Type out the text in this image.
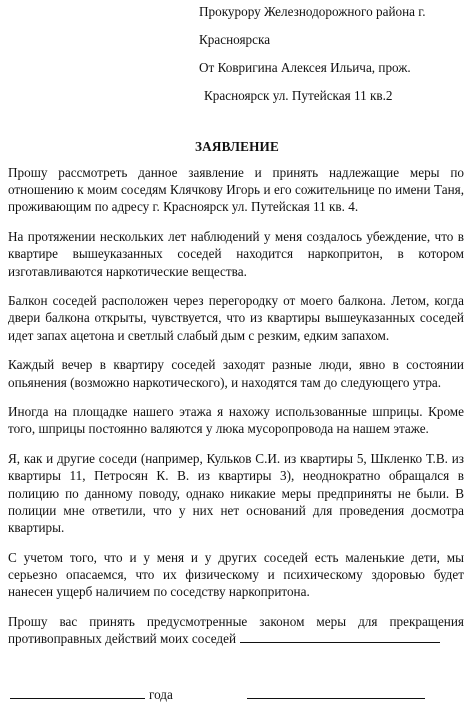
Прокурору Железнодорожного района г.
Красноярска
От Ковригина Алексея Ильича, прож.
Красноярск ул. Путейская 11 кв.2
ЗАЯВЛЕНИЕ

Прошу рассмотреть данное заявление и принять надлежащие меры по отношению к моим соседям Клячкову Игорь и его сожительнице по имени Таня, проживающим по адресу г. Красноярск ул. Путейская 11 кв. 4.

На протяжении нескольких лет наблюдений у меня создалось убеждение, что в квартире вышеуказанных соседей находится наркопритон, в котором изготавливаются наркотические вещества.

Балкон соседей расположен через перегородку от моего балкона. Летом, когда двери балкона открыты, чувствуется, что из квартиры вышеуказанных соседей идет запах ацетона и светлый слабый дым с резким, едким запахом.

Каждый вечер в квартиру соседей заходят разные люди, явно в состоянии опьянения (возможно наркотического), и находятся там до следующего утра.

Иногда на площадке нашего этажа я нахожу использованные шприцы. Кроме того, шприцы постоянно валяются у люка мусоропровода на нашем этаже.

Я, как и другие соседи (например, Кульков С.И. из квартиры 5, Шкленко Т.В. из квартиры 11, Петросян К. В. из квартиры 3), неоднократно обращался в полицию по данному поводу, однако никакие меры предприняты не были. В полиции мне ответили, что у них нет оснований для проведения досмотра квартиры.

С учетом того, что и у меня и у других соседей есть маленькие дети, мы серьезно опасаемся, что их физическому и психическому здоровью будет нанесен ущерб наличием по соседству наркопритона.

Прошу вас принять предусмотренные законом меры для прекращения противоправных действий моих соседей

года
